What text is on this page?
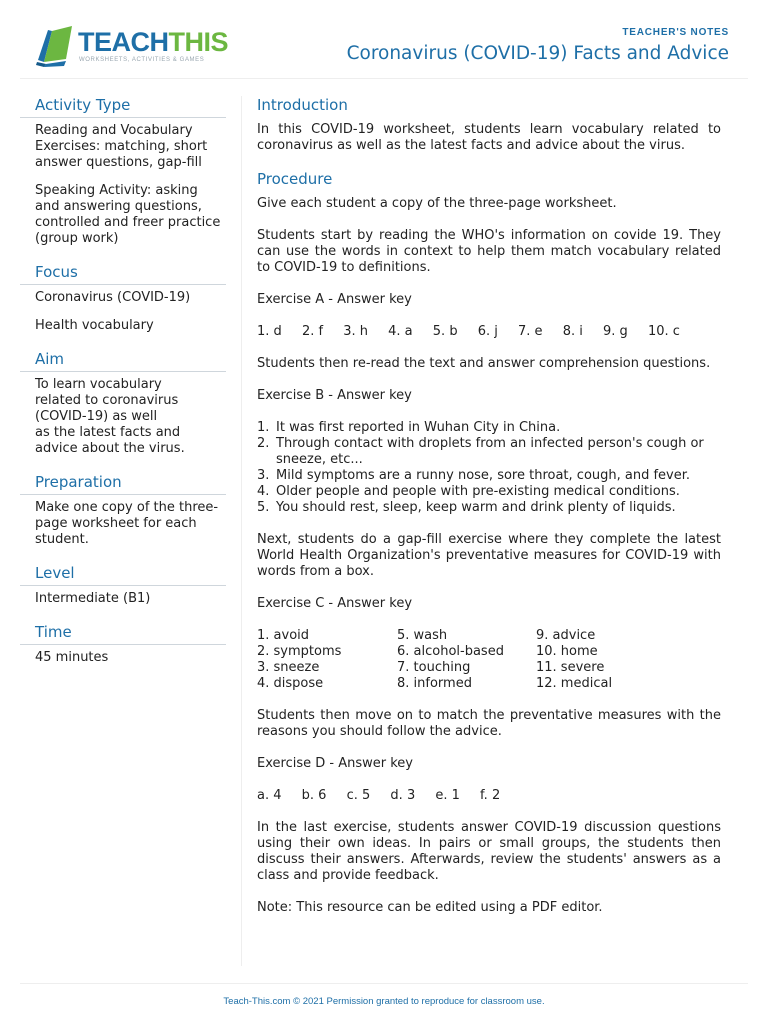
TEACHTHIS
WORKSHEETS, ACTIVITIES & GAMES
TEACHER'S NOTES
Coronavirus (COVID-19) Facts and Advice
Activity Type
Reading and Vocabulary Exercises: matching, short answer questions, gap-fill
Speaking Activity: asking and answering questions, controlled and freer practice (group work)
Focus
Coronavirus (COVID-19)
Health vocabulary
Aim
To learn vocabulary
related to coronavirus
(COVID-19) as well
as the latest facts and
advice about the virus.
Preparation
Make one copy of the three-page worksheet for each student.
Level
Intermediate (B1)
Time
45 minutes
Introduction

In this COVID-19 worksheet, students learn vocabulary related to coronavirus as well as the latest facts and advice about the virus.

Procedure

Give each student a copy of the three-page worksheet.

Students start by reading the WHO's information on covide 19. They can use the words in context to help them match vocabulary related to COVID-19 to definitions.

Exercise A - Answer key

1. d 2. f 3. h 4. a 5. b 6. j 7. e 8. i 9. g 10. c

Students then re-read the text and answer comprehension questions.

Exercise B - Answer key

1. It was first reported in Wuhan City in China.
2. Through contact with droplets from an infected person's cough or sneeze, etc...
3. Mild symptoms are a runny nose, sore throat, cough, and fever.
4. Older people and people with pre-existing medical conditions.
5. You should rest, sleep, keep warm and drink plenty of liquids.

Next, students do a gap-fill exercise where they complete the latest World Health Organization's preventative measures for COVID-19 with words from a box.

Exercise C - Answer key

1. avoid
2. symptoms
3. sneeze
4. dispose
5. wash
6. alcohol-based
7. touching
8. informed
9. advice
10. home
11. severe
12. medical

Students then move on to match the preventative measures with the reasons you should follow the advice.

Exercise D - Answer key

a. 4 b. 6 c. 5 d. 3 e. 1 f. 2

In the last exercise, students answer COVID-19 discussion questions using their own ideas. In pairs or small groups, the students then discuss their answers. Afterwards, review the students' answers as a class and provide feedback.

Note: This resource can be edited using a PDF editor.

Teach-This.com © 2021 Permission granted to reproduce for classroom use.
